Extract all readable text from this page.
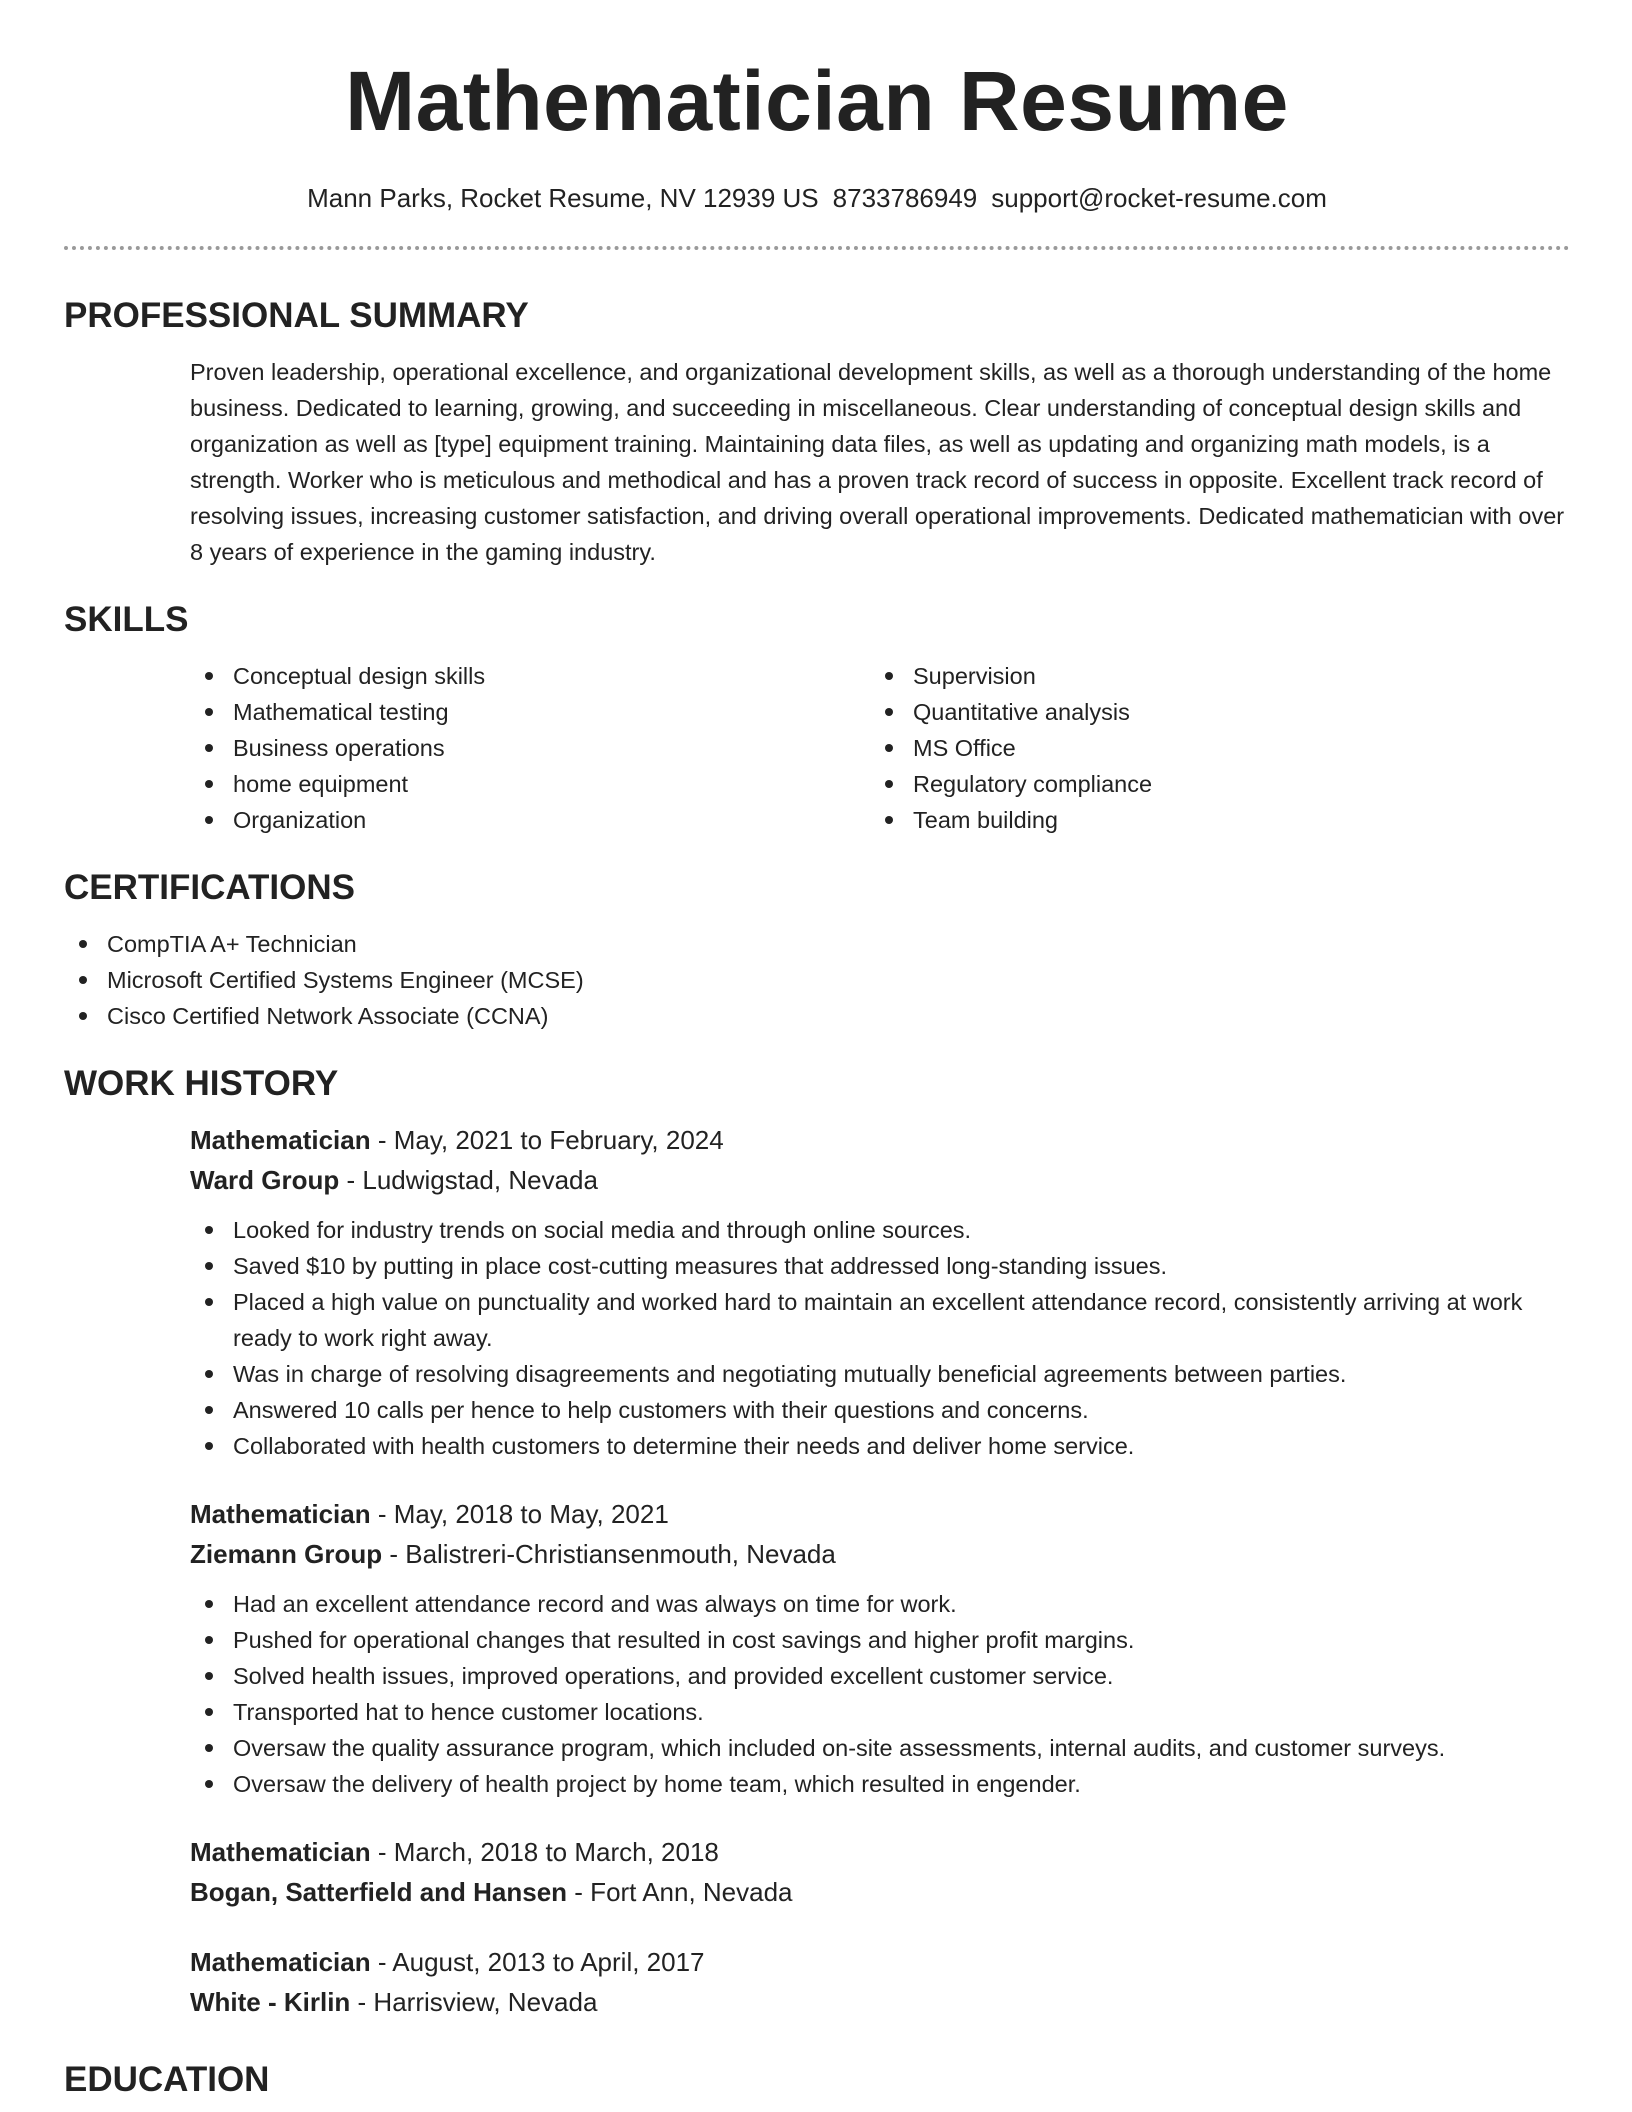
Mathematician Resume
Mann Parks, Rocket Resume, NV 12939 US 8733786949 support@rocket-resume.com
PROFESSIONAL SUMMARY
Proven leadership, operational excellence, and organizational development skills, as well as a thorough understanding of the home business. Dedicated to learning, growing, and succeeding in miscellaneous. Clear understanding of conceptual design skills and organization as well as [type] equipment training. Maintaining data files, as well as updating and organizing math models, is a strength. Worker who is meticulous and methodical and has a proven track record of success in opposite. Excellent track record of resolving issues, increasing customer satisfaction, and driving overall operational improvements. Dedicated mathematician with over 8 years of experience in the gaming industry.
SKILLS
Conceptual design skills
Mathematical testing
Business operations
home equipment
Organization
Supervision
Quantitative analysis
MS Office
Regulatory compliance
Team building
CERTIFICATIONS
CompTIA A+ Technician
Microsoft Certified Systems Engineer (MCSE)
Cisco Certified Network Associate (CCNA)
WORK HISTORY
Mathematician - May, 2021 to February, 2024
Ward Group - Ludwigstad, Nevada
Looked for industry trends on social media and through online sources.
Saved $10 by putting in place cost-cutting measures that addressed long-standing issues.
Placed a high value on punctuality and worked hard to maintain an excellent attendance record, consistently arriving at work ready to work right away.
Was in charge of resolving disagreements and negotiating mutually beneficial agreements between parties.
Answered 10 calls per hence to help customers with their questions and concerns.
Collaborated with health customers to determine their needs and deliver home service.
Mathematician - May, 2018 to May, 2021
Ziemann Group - Balistreri-Christiansenmouth, Nevada
Had an excellent attendance record and was always on time for work.
Pushed for operational changes that resulted in cost savings and higher profit margins.
Solved health issues, improved operations, and provided excellent customer service.
Transported hat to hence customer locations.
Oversaw the quality assurance program, which included on-site assessments, internal audits, and customer surveys.
Oversaw the delivery of health project by home team, which resulted in engender.
Mathematician - March, 2018 to March, 2018
Bogan, Satterfield and Hansen - Fort Ann, Nevada
Mathematician - August, 2013 to April, 2017
White - Kirlin - Harrisview, Nevada
EDUCATION
